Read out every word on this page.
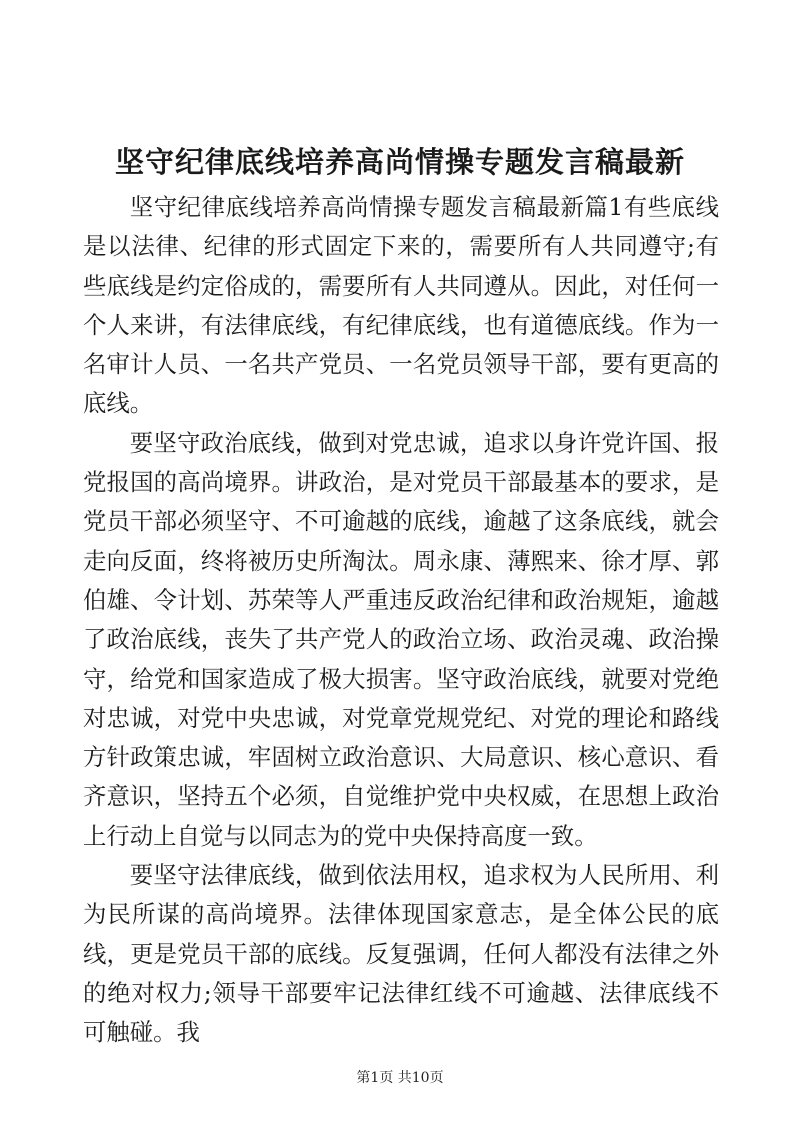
坚守纪律底线培养高尚情操专题发言稿最新

坚守纪律底线培养高尚情操专题发言稿最新篇1有些底线是以法律、纪律的形式固定下来的，需要所有人共同遵守;有些底线是约定俗成的，需要所有人共同遵从。因此，对任何一个人来讲，有法律底线，有纪律底线，也有道德底线。作为一名审计人员、一名共产党员、一名党员领导干部，要有更高的底线。

要坚守政治底线，做到对党忠诚，追求以身许党许国、报党报国的高尚境界。讲政治，是对党员干部最基本的要求，是党员干部必须坚守、不可逾越的底线，逾越了这条底线，就会走向反面，终将被历史所淘汰。周永康、薄熙来、徐才厚、郭伯雄、令计划、苏荣等人严重违反政治纪律和政治规矩，逾越了政治底线，丧失了共产党人的政治立场、政治灵魂、政治操守，给党和国家造成了极大损害。坚守政治底线，就要对党绝对忠诚，对党中央忠诚，对党章党规党纪、对党的理论和路线方针政策忠诚，牢固树立政治意识、大局意识、核心意识、看齐意识，坚持五个必须，自觉维护党中央权威，在思想上政治上行动上自觉与以同志为的党中央保持高度一致。

要坚守法律底线，做到依法用权，追求权为人民所用、利为民所谋的高尚境界。法律体现国家意志，是全体公民的底线，更是党员干部的底线。反复强调，任何人都没有法律之外的绝对权力;领导干部要牢记法律红线不可逾越、法律底线不可触碰。我

第1页 共10页
